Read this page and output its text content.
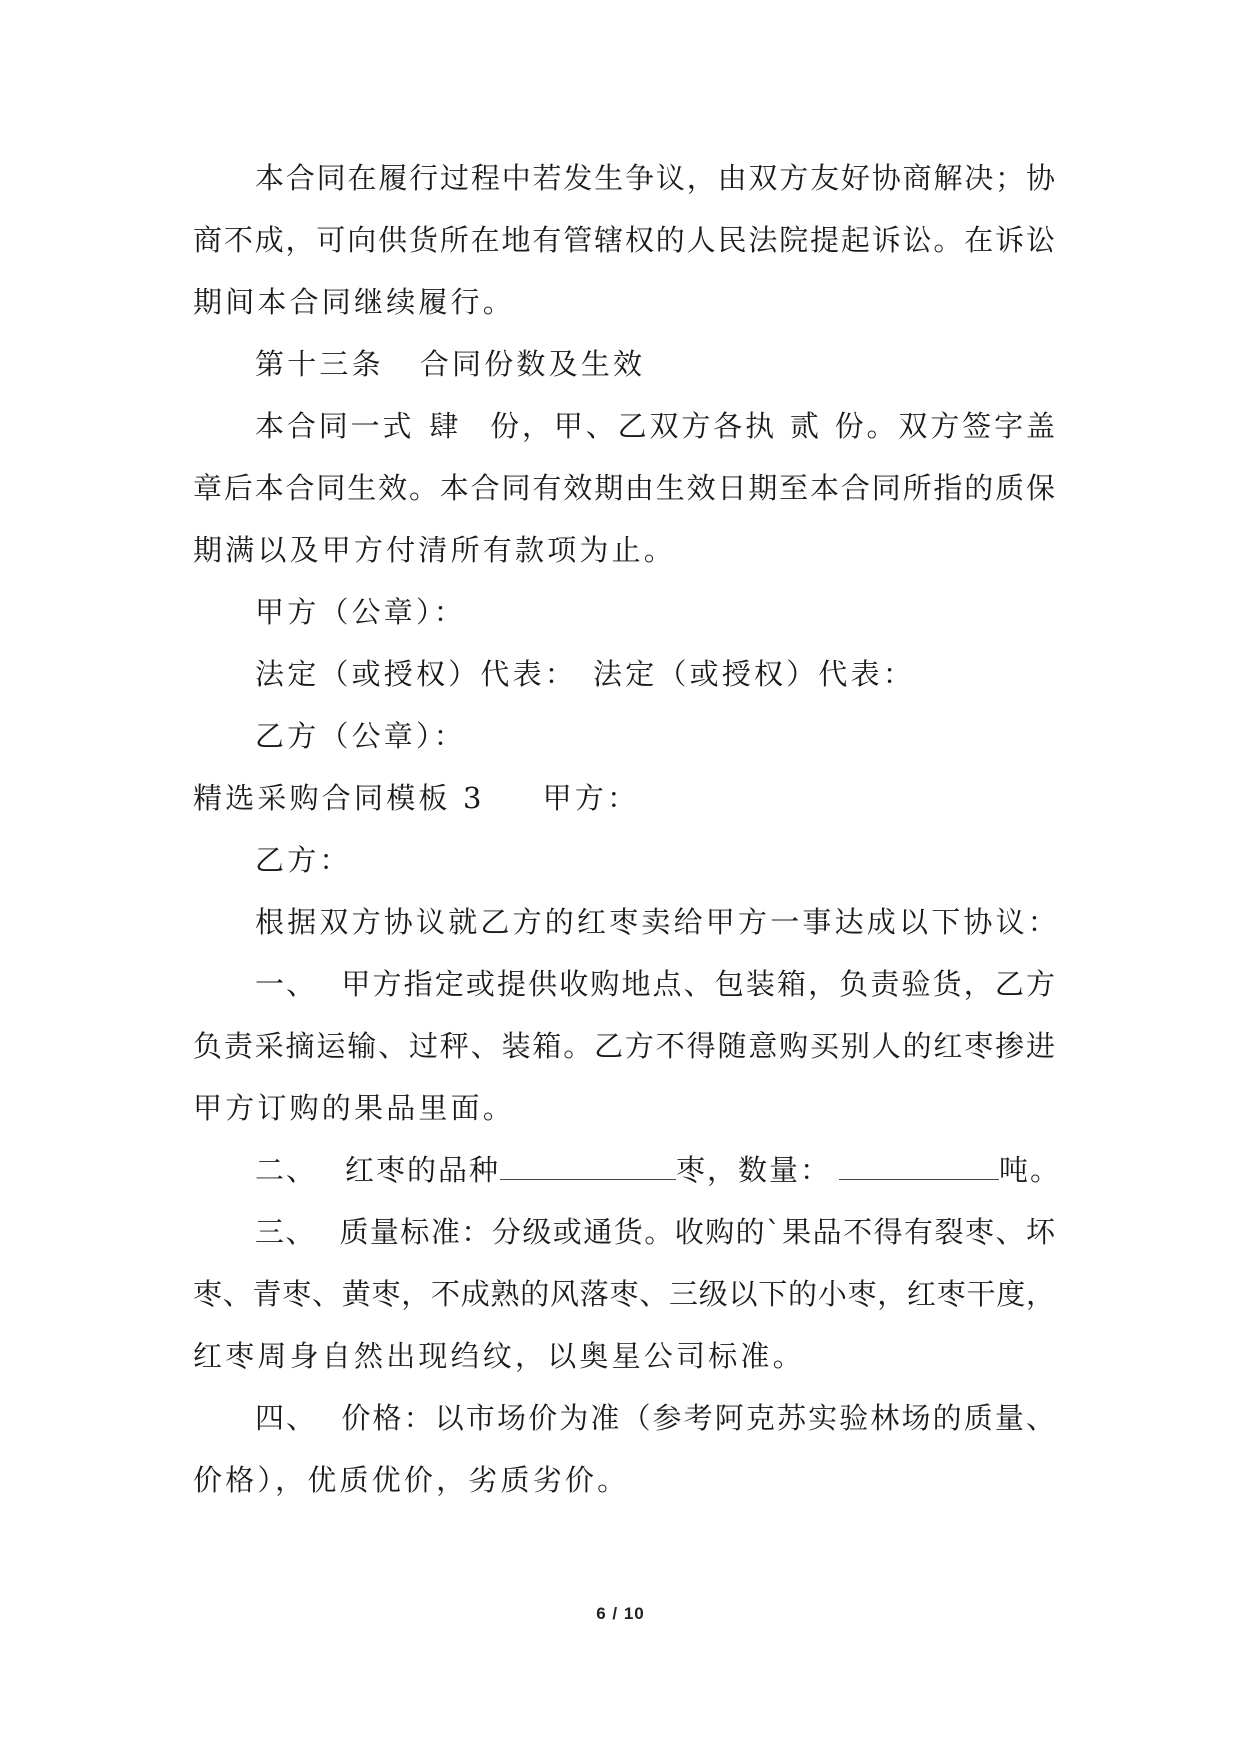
本合同在履行过程中若发生争议，由双方友好协商解决；协
商不成，可向供货所在地有管辖权的人民法院提起诉讼。在诉讼
期间本合同继续履行。
第十三条 合同份数及生效
本合同一式 肆 份，甲、乙双方各执 贰 份。双方签字盖
章后本合同生效。本合同有效期由生效日期至本合同所指的质保
期满以及甲方付清所有款项为止。
甲方（公章）：
法定（或授权）代表： 法定（或授权）代表：
乙方（公章）：
精选采购合同模板 3 甲方：
乙方：
根据双方协议就乙方的红枣卖给甲方一事达成以下协议：
一、 甲方指定或提供收购地点、包装箱，负责验货，乙方
负责采摘运输、过秤、装箱。乙方不得随意购买别人的红枣掺进
甲方订购的果品里面。
二、 红枣的品种	枣，数量：	吨。
三、 质量标准：分级或通货。收购的`果品不得有裂枣、坏
枣、青枣、黄枣，不成熟的风落枣、三级以下的小枣，红枣干度，
红枣周身自然出现绉纹，以奥星公司标准。
四、 价格：以市场价为准（参考阿克苏实验林场的质量、
价格），优质优价，劣质劣价。
6 / 10
